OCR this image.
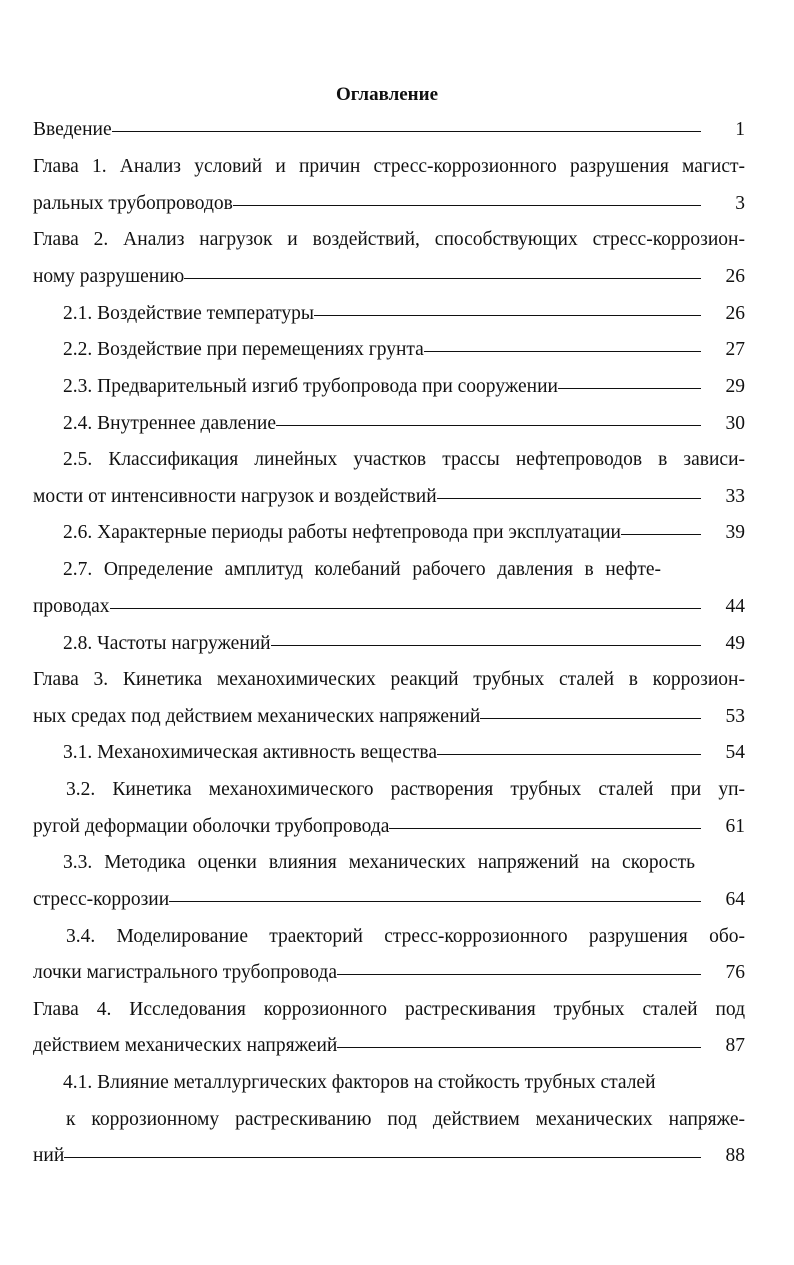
Оглавление
Введение	1
Глава 1. Анализ условий и причин стресс-коррозионного разрушения магист-
ральных трубопроводов	3
Глава 2. Анализ нагрузок и воздействий, способствующих стресс-коррозион-
ному разрушению	26
2.1. Воздействие температуры	26
2.2. Воздействие при перемещениях грунта	27
2.3. Предварительный изгиб трубопровода при сооружении	29
2.4. Внутреннее давление	30
2.5. Классификация линейных участков трассы нефтепроводов в зависи-
мости от интенсивности нагрузок и воздействий	33
2.6. Характерные периоды работы нефтепровода при эксплуатации	39
2.7. Определение амплитуд колебаний рабочего давления в нефте-
проводах	44
2.8. Частоты нагружений	49
Глава 3. Кинетика механохимических реакций трубных сталей в коррозион-
ных средах под действием механических напряжений	53
3.1. Механохимическая активность вещества	54
3.2. Кинетика механохимического растворения трубных сталей при уп-
ругой деформации оболочки трубопровода	61
3.3. Методика оценки влияния механических напряжений на скорость
стресс-коррозии	64
3.4. Моделирование траекторий стресс-коррозионного разрушения обо-
лочки магистрального трубопровода	76
Глава 4. Исследования коррозионного растрескивания трубных сталей под
действием механических напряжеий	87
4.1. Влияние металлургических факторов на стойкость трубных сталей
к коррозионному растрескиванию под действием механических напряже-
ний	88
